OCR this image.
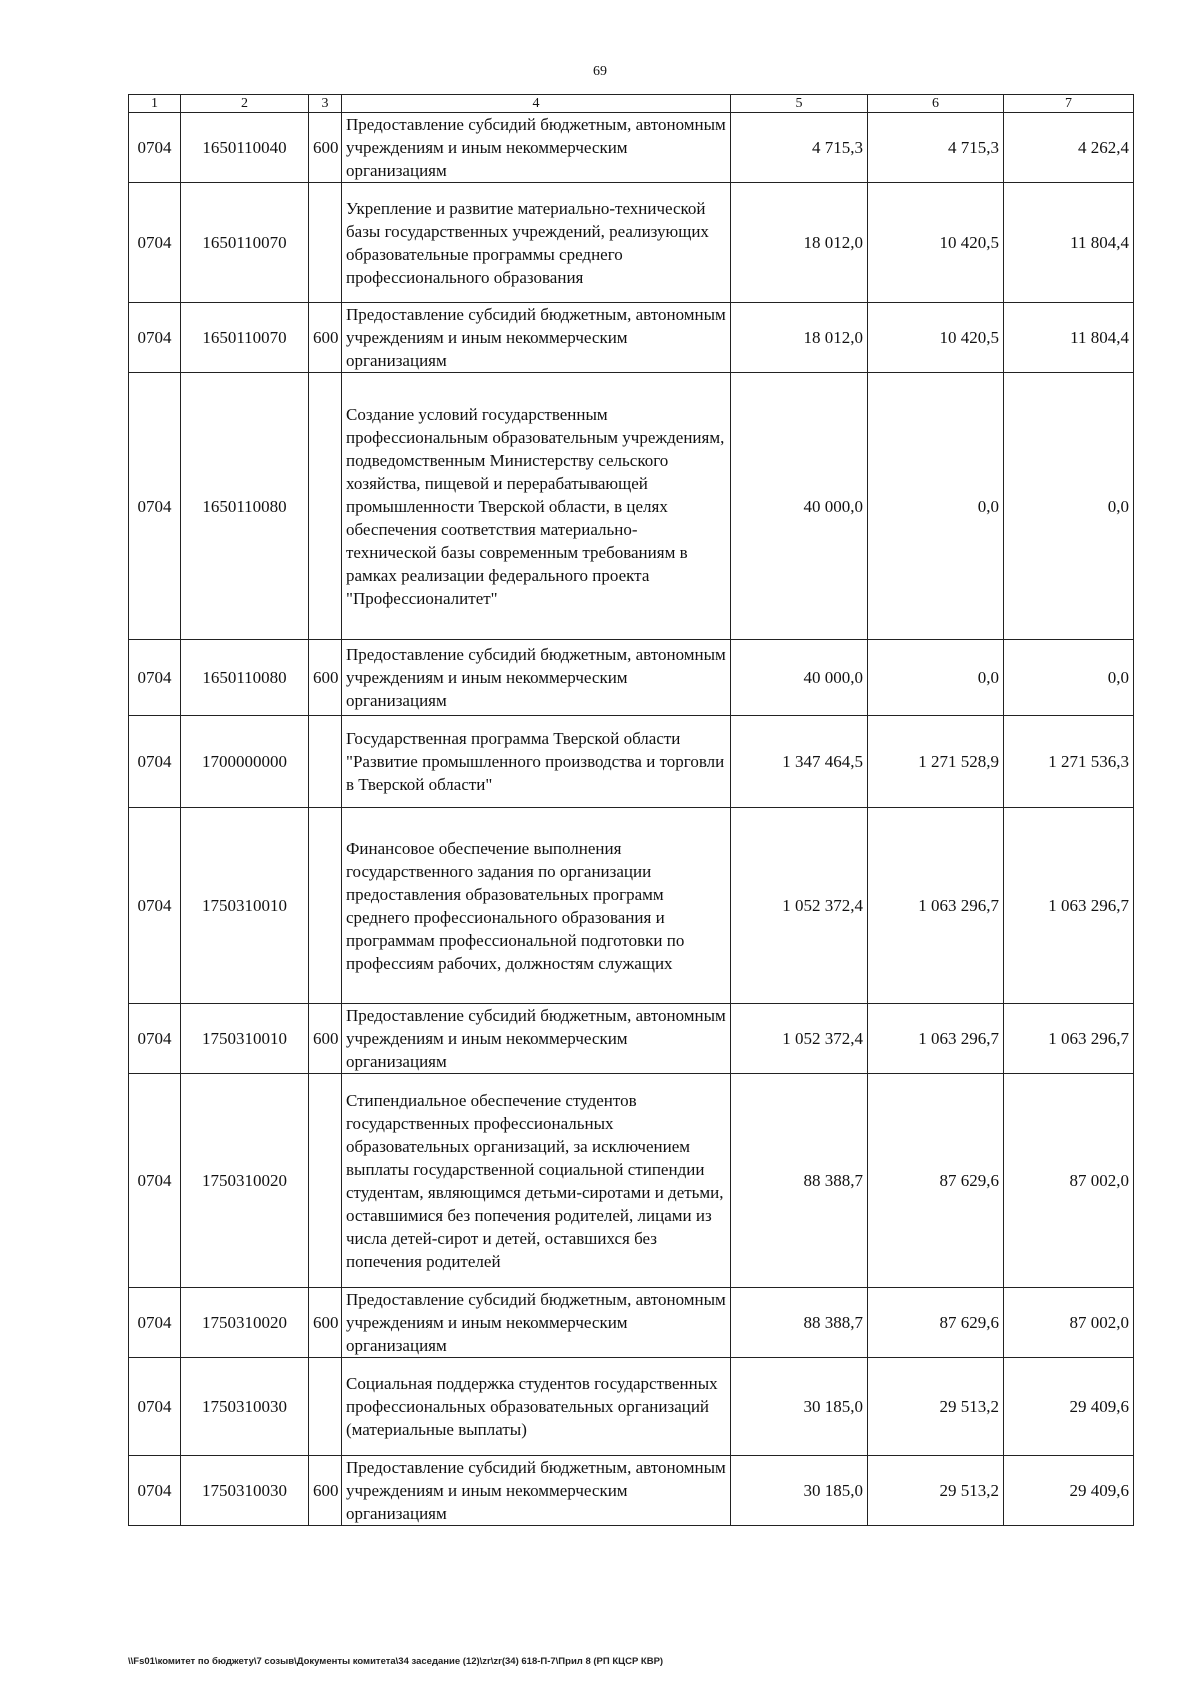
69
1	2	3	4	5	6	7
0704	1650110040	600	Предоставление субсидий бюджетным, автономным учреждениям и иным некоммерческим организациям	4 715,3	4 715,3	4 262,4
0704	1650110070		Укрепление и развитие материально-технической базы государственных учреждений, реализующих образовательные программы среднего профессионального образования	18 012,0	10 420,5	11 804,4
0704	1650110070	600	Предоставление субсидий бюджетным, автономным учреждениям и иным некоммерческим организациям	18 012,0	10 420,5	11 804,4
0704	1650110080		Создание условий государственным профессиональным образовательным учреждениям, подведомственным Министерству сельского хозяйства, пищевой и перерабатывающей промышленности Тверской области, в целях обеспечения соответствия материально-технической базы современным требованиям в рамках реализации федерального проекта "Профессионалитет"	40 000,0	0,0	0,0
0704	1650110080	600	Предоставление субсидий бюджетным, автономным учреждениям и иным некоммерческим организациям	40 000,0	0,0	0,0
0704	1700000000		Государственная программа Тверской области "Развитие промышленного производства и торговли в Тверской области"	1 347 464,5	1 271 528,9	1 271 536,3
0704	1750310010		Финансовое обеспечение выполнения государственного задания по организации предоставления образовательных программ среднего профессионального образования и программам профессиональной подготовки по профессиям рабочих, должностям служащих	1 052 372,4	1 063 296,7	1 063 296,7
0704	1750310010	600	Предоставление субсидий бюджетным, автономным учреждениям и иным некоммерческим организациям	1 052 372,4	1 063 296,7	1 063 296,7
0704	1750310020		Стипендиальное обеспечение студентов государственных профессиональных образовательных организаций, за исключением выплаты государственной социальной стипендии студентам, являющимся детьми-сиротами и детьми, оставшимися без попечения родителей, лицами из числа детей-сирот и детей, оставшихся без попечения родителей	88 388,7	87 629,6	87 002,0
0704	1750310020	600	Предоставление субсидий бюджетным, автономным учреждениям и иным некоммерческим организациям	88 388,7	87 629,6	87 002,0
0704	1750310030		Социальная поддержка студентов государственных профессиональных образовательных организаций (материальные выплаты)	30 185,0	29 513,2	29 409,6
0704	1750310030	600	Предоставление субсидий бюджетным, автономным учреждениям и иным некоммерческим организациям	30 185,0	29 513,2	29 409,6
\\Fs01\комитет по бюджету\7 созыв\Документы комитета\34 заседание (12)\zr\zr(34) 618-П-7\Прил 8 (РП КЦСР КВР)
